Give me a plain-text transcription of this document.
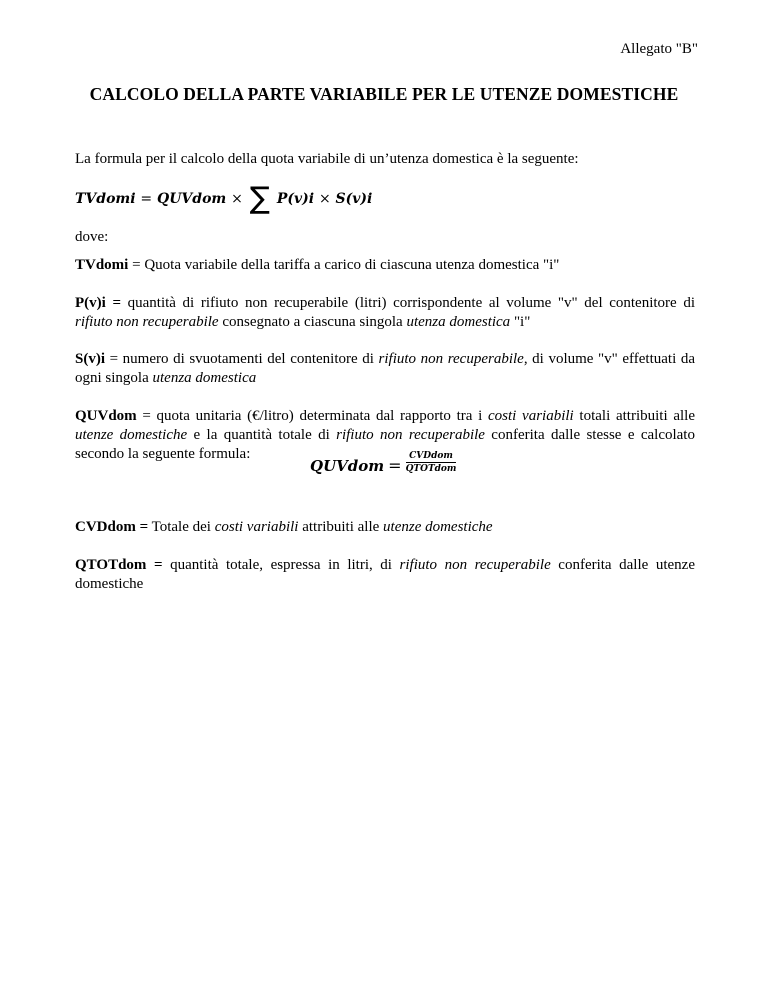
Allegato "B"
CALCOLO DELLA PARTE VARIABILE PER LE UTENZE DOMESTICHE
La formula per il calcolo della quota variabile di un’utenza domestica è la seguente:
TVdomi = QUVdom × ∑ P(v)i × S(v)i
dove:
TVdomi = Quota variabile della tariffa a carico di ciascuna utenza domestica "i"
P(v)i = quantità di rifiuto non recuperabile (litri) corrispondente al volume "v" del contenitore di rifiuto non recuperabile consegnato a ciascuna singola utenza domestica "i"
S(v)i = numero di svuotamenti del contenitore di rifiuto non recuperabile, di volume "v" effettuati da ogni singola utenza domestica
QUVdom = quota unitaria (€/litro) determinata dal rapporto tra i costi variabili totali attribuiti alle utenze domestiche e la quantità totale di rifiuto non recuperabile conferita dalle stesse e calcolato secondo la seguente formula:
QUVdom = $\frac{\text{CVDdom}}{\text{QTOTdom}}$
CVDdom = Totale dei costi variabili attribuiti alle utenze domestiche
QTOTdom = quantità totale, espressa in litri, di rifiuto non recuperabile conferita dalle utenze domestiche
